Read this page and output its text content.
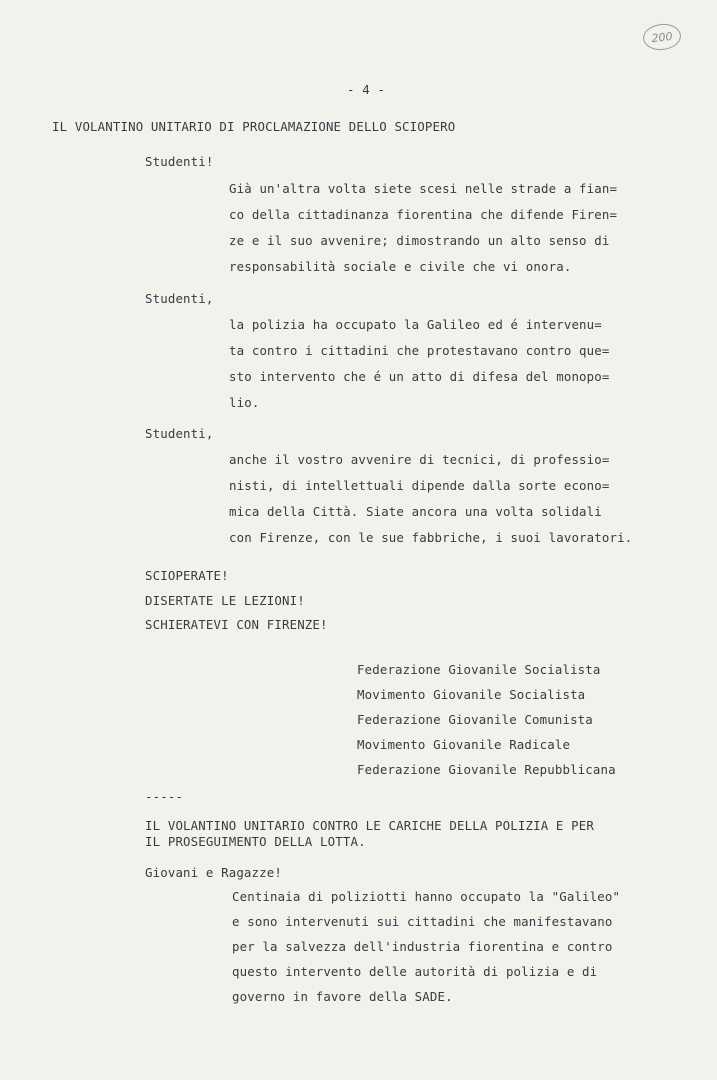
200
- 4 -
IL VOLANTINO UNITARIO DI PROCLAMAZIONE DELLO SCIOPERO
Studenti!
Già un'altra volta siete scesi nelle strade a fian=
co della cittadinanza fiorentina che difende Firen=
ze e il suo avvenire; dimostrando un alto senso di
responsabilità sociale e civile che vi onora.
Studenti,
la polizia ha occupato la Galileo ed é intervenu=
ta contro i cittadini che protestavano contro que=
sto intervento che é un atto di difesa del monopo=
lio.
Studenti,
anche il vostro avvenire di tecnici, di professio=
nisti, di intellettuali dipende dalla sorte econo=
mica della Città. Siate ancora una volta solidali
con Firenze, con le sue fabbriche, i suoi lavoratori.
SCIOPERATE!
DISERTATE LE LEZIONI!
SCHIERATEVI CON FIRENZE!
Federazione Giovanile Socialista
Movimento Giovanile Socialista
Federazione Giovanile Comunista
Movimento Giovanile Radicale
Federazione Giovanile Repubblicana
-----
IL VOLANTINO UNITARIO CONTRO LE CARICHE DELLA POLIZIA E PER
IL PROSEGUIMENTO DELLA LOTTA.
Giovani e Ragazze!
Centinaia di poliziotti hanno occupato la "Galileo"
e sono intervenuti sui cittadini che manifestavano
per la salvezza dell'industria fiorentina e contro
questo intervento delle autorità di polizia e di
governo in favore della SADE.
